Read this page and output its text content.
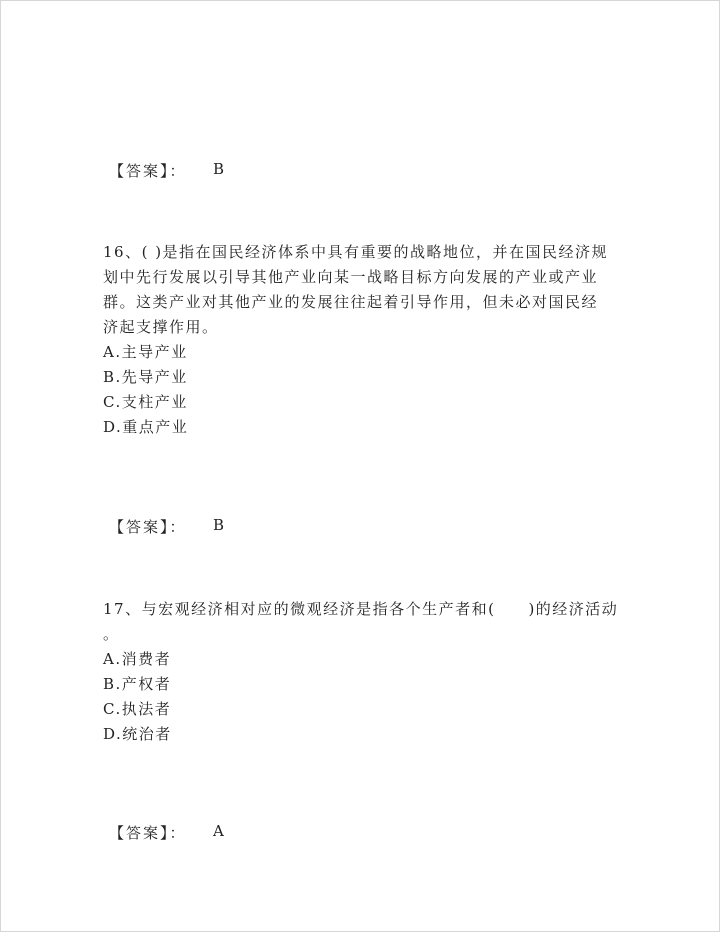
【答案】： B
16、( )是指在国民经济体系中具有重要的战略地位，并在国民经济规
划中先行发展以引导其他产业向某一战略目标方向发展的产业或产业
群。这类产业对其他产业的发展往往起着引导作用，但未必对国民经
济起支撑作用。
A.主导产业
B.先导产业
C.支柱产业
D.重点产业
【答案】： B
17、与宏观经济相对应的微观经济是指各个生产者和(　　)的经济活动
。
A.消费者
B.产权者
C.执法者
D.统治者
【答案】： A
